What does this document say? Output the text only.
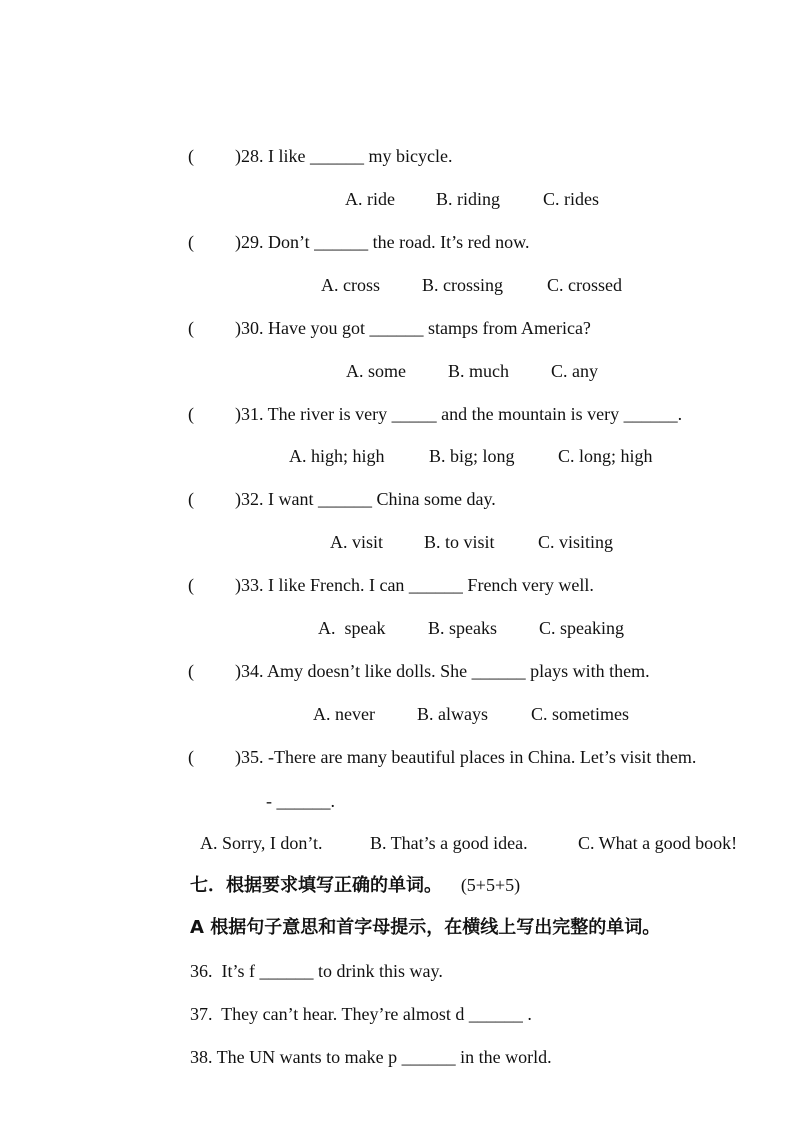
( )28. I like ______ my bicycle.
A. ride B. riding C. rides
( )29. Don’t ______ the road. It’s red now.
A. cross B. crossing C. crossed
( )30. Have you got ______ stamps from America?
A. some B. much C. any
( )31. The river is very _____ and the mountain is very ______.
A. high; high B. big; long C. long; high
( )32. I want ______ China some day.
A. visit B. to visit C. visiting
( )33. I like French. I can ______ French very well.
A.  speak B. speaks C. speaking
( )34. Amy doesn’t like dolls. She ______ plays with them.
A. never B. always C. sometimes
( )35. -There are many beautiful places in China. Let’s visit them.
- ______.
A. Sorry, I don’t.	B. That’s a good idea.	C. What a good book!
七．根据要求填写正确的单词。 (5+5+5)
A 根据句子意思和首字母提示，在横线上写出完整的单词。
36.  It’s f ______ to drink this way.
37.  They can’t hear. They’re almost d ______ .
38. The UN wants to make p ______ in the world.
